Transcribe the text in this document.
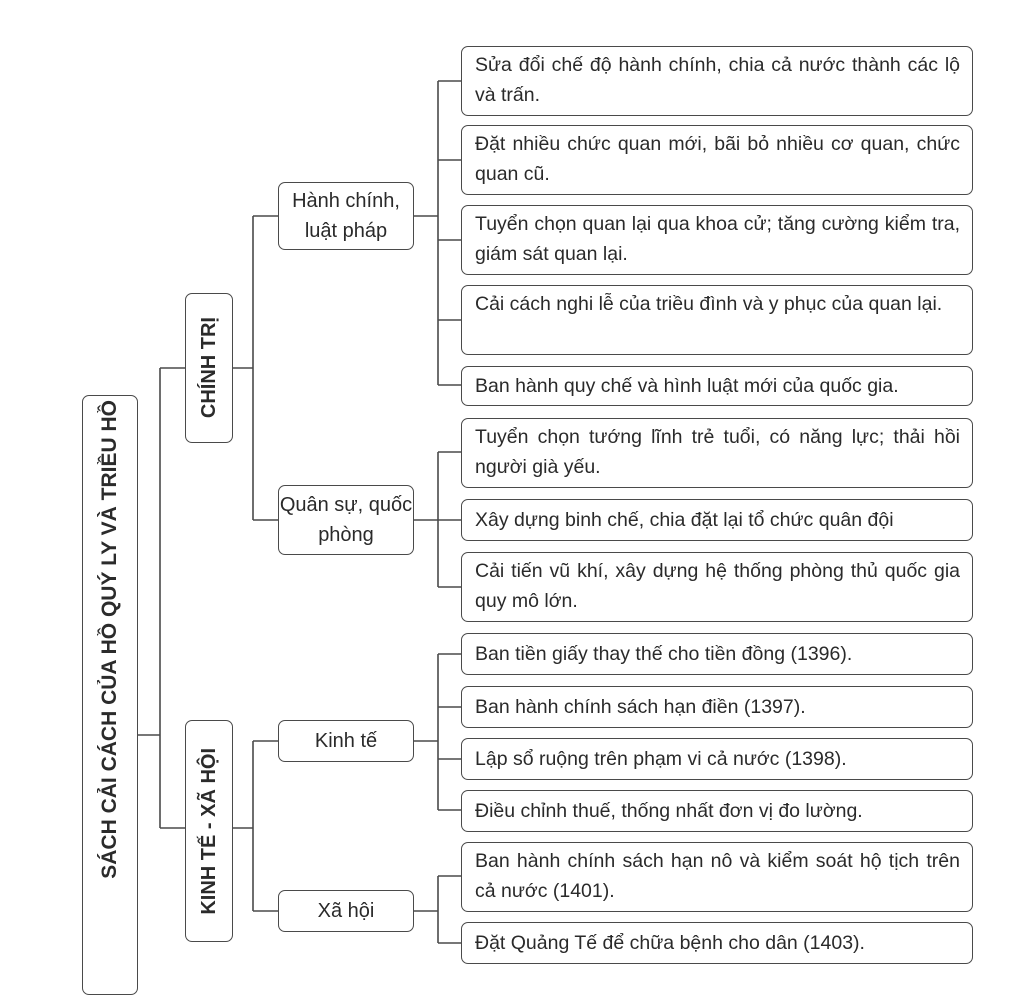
SÁCH CẢI CÁCH CỦA HỒ QUÝ LY VÀ TRIỀU HỒ
CHÍNH TRỊ
KINH TẾ - XÃ HỘI
Hành chính, luật pháp
Quân sự, quốc phòng
Kinh tế
Xã hội
Sửa đổi chế độ hành chính, chia cả nước thành các lộ và trấn.
Đặt nhiều chức quan mới, bãi bỏ nhiều cơ quan, chức quan cũ.
Tuyển chọn quan lại qua khoa cử; tăng cường kiểm tra, giám sát quan lại.
Cải cách nghi lễ của triều đình và y phục của quan lại.
Ban hành quy chế và hình luật mới của quốc gia.
Tuyển chọn tướng lĩnh trẻ tuổi, có năng lực; thải hồi người già yếu.
Xây dựng binh chế, chia đặt lại tổ chức quân đội
Cải tiến vũ khí, xây dựng hệ thống phòng thủ quốc gia quy mô lớn.
Ban tiền giấy thay thế cho tiền đồng (1396).
Ban hành chính sách hạn điền (1397).
Lập sổ ruộng trên phạm vi cả nước (1398).
Điều chỉnh thuế, thống nhất đơn vị đo lường.
Ban hành chính sách hạn nô và kiểm soát hộ tịch trên cả nước (1401).
Đặt Quảng Tế để chữa bệnh cho dân (1403).
